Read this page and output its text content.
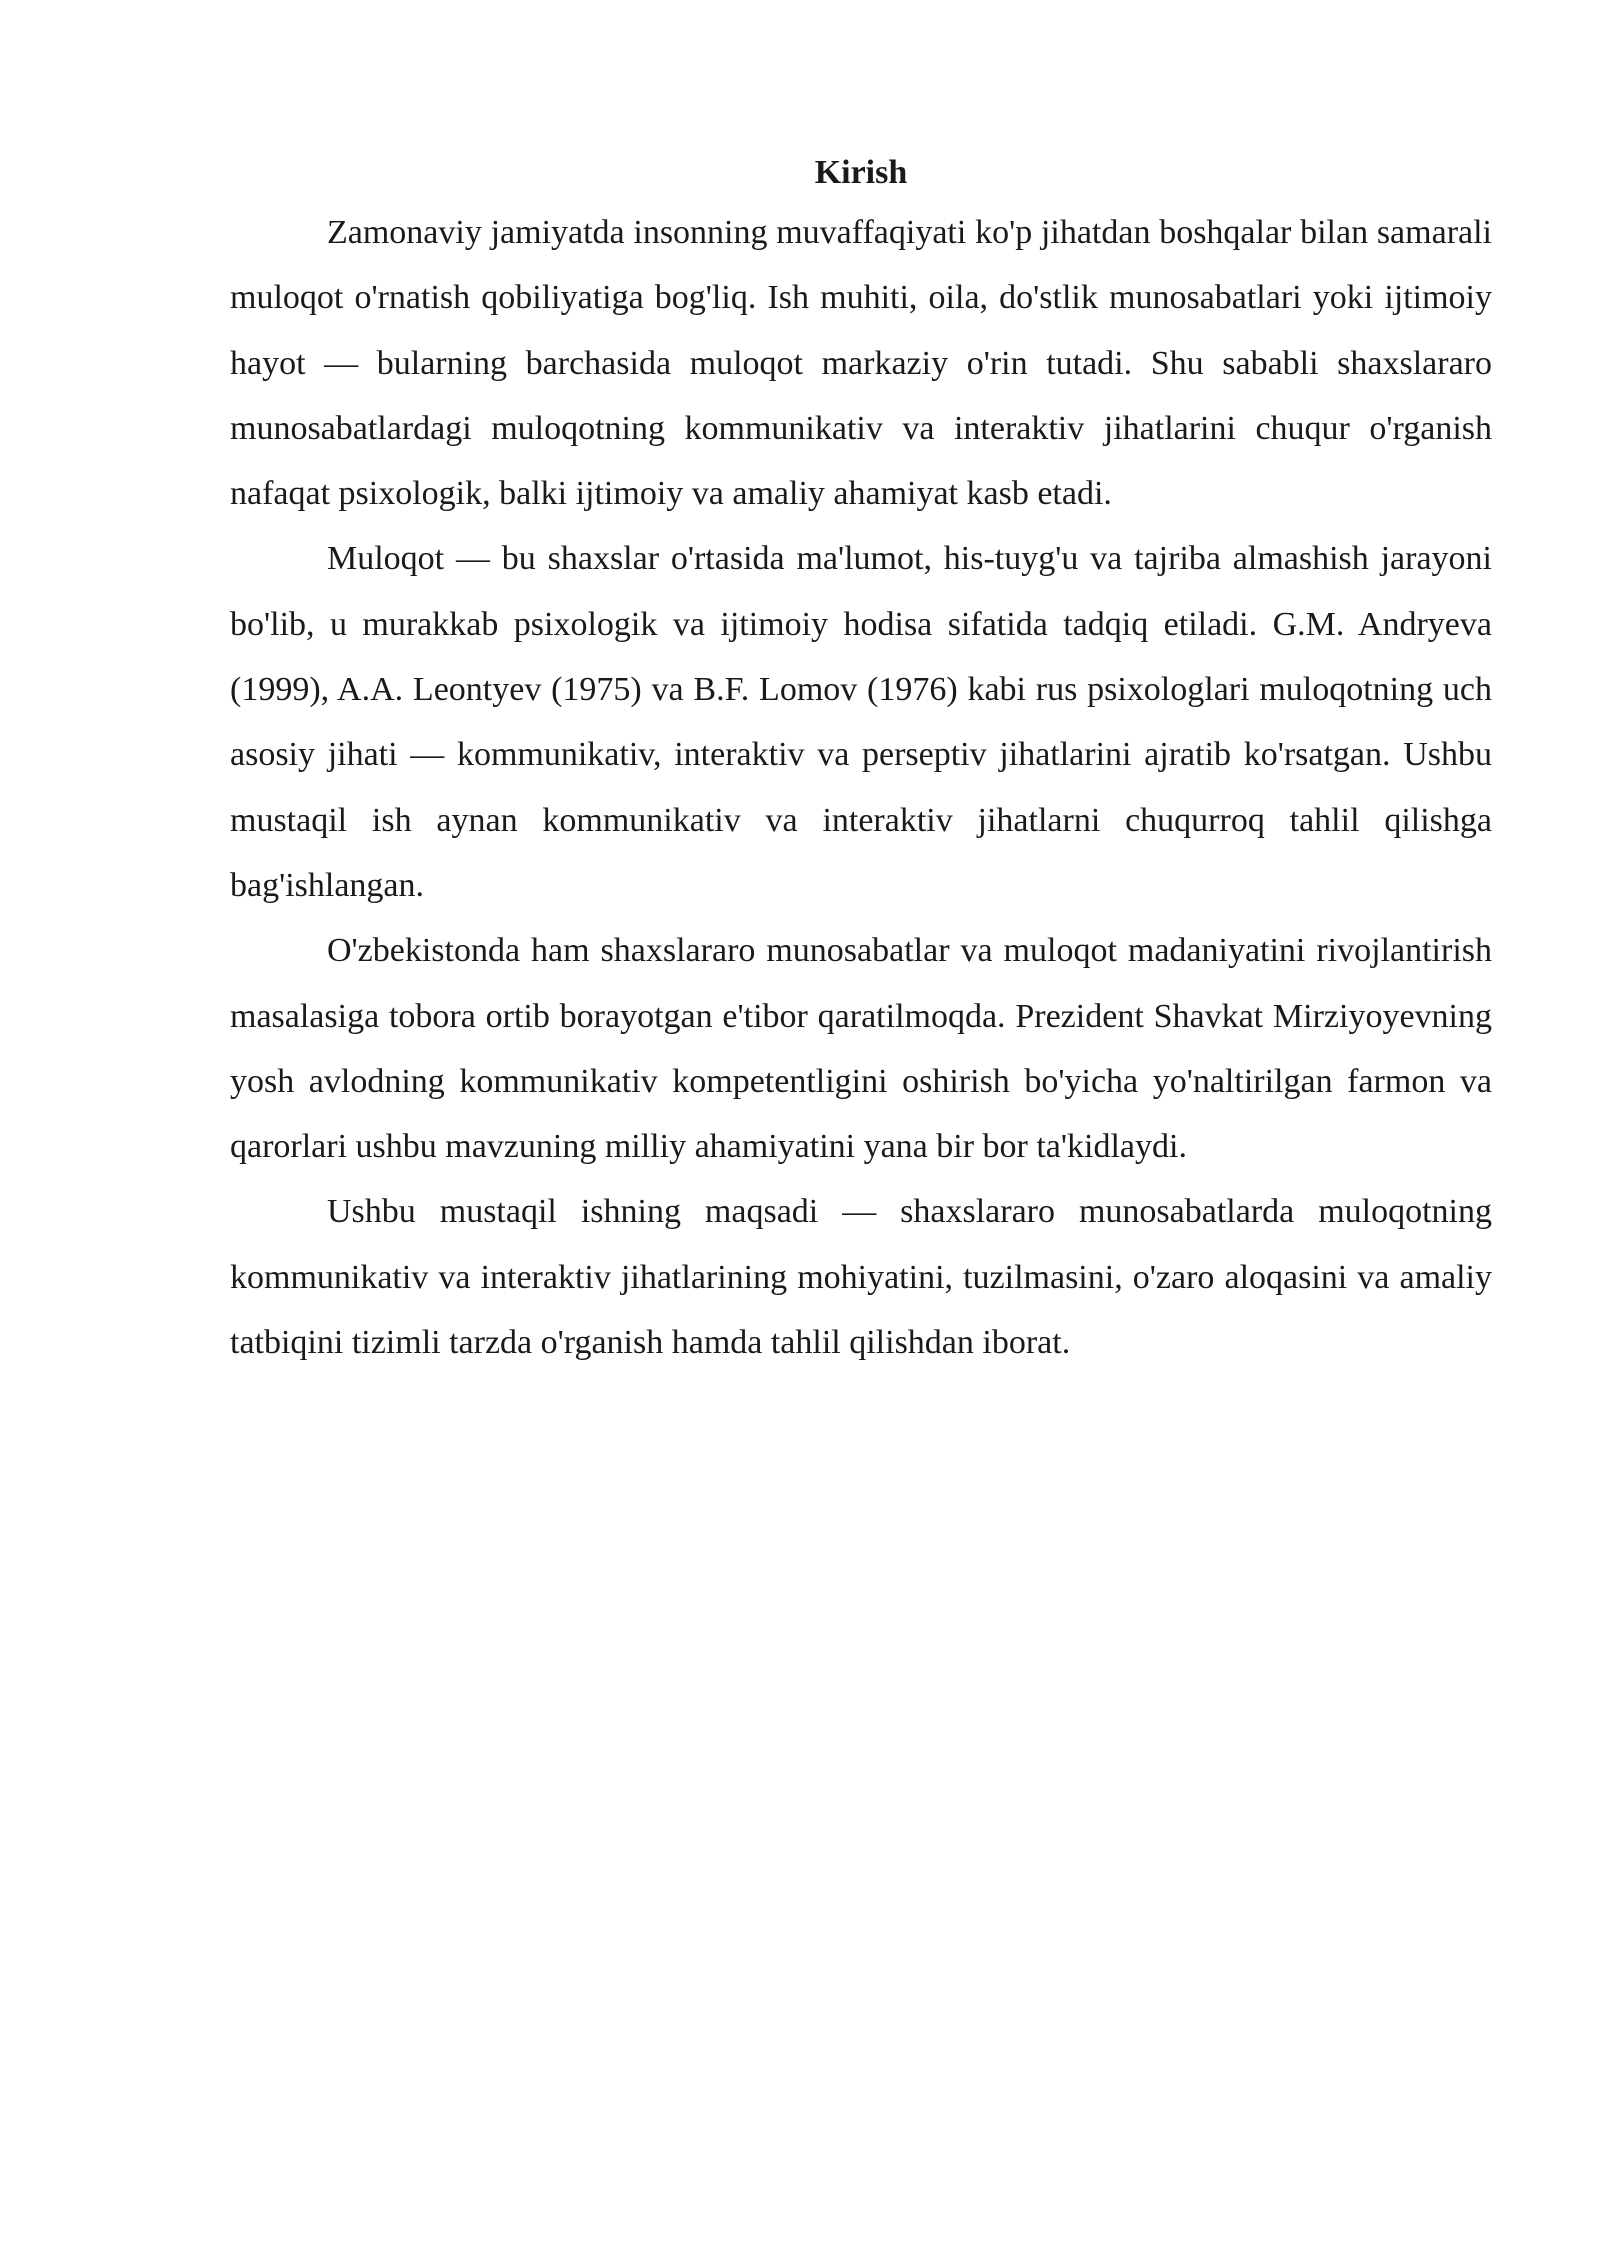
Kirish

Zamonaviy jamiyatda insonning muvaffaqiyati ko'p jihatdan boshqalar bilan samarali muloqot o'rnatish qobiliyatiga bog'liq. Ish muhiti, oila, do'stlik munosabatlari yoki ijtimoiy hayot — bularning barchasida muloqot markaziy o'rin tutadi. Shu sababli shaxslararo munosabatlardagi muloqotning kommunikativ va interaktiv jihatlarini chuqur o'rganish nafaqat psixologik, balki ijtimoiy va amaliy ahamiyat kasb etadi.

Muloqot — bu shaxslar o'rtasida ma'lumot, his-tuyg'u va tajriba almashish jarayoni bo'lib, u murakkab psixologik va ijtimoiy hodisa sifatida tadqiq etiladi. G.M. Andryeva (1999), A.A. Leontyev (1975) va B.F. Lomov (1976) kabi rus psixologlari muloqotning uch asosiy jihati — kommunikativ, interaktiv va perseptiv jihatlarini ajratib ko'rsatgan. Ushbu mustaqil ish aynan kommunikativ va interaktiv jihatlarni chuqurroq tahlil qilishga bag'ishlangan.

O'zbekistonda ham shaxslararo munosabatlar va muloqot madaniyatini rivojlantirish masalasiga tobora ortib borayotgan e'tibor qaratilmoqda. Prezident Shavkat Mirziyoyevning yosh avlodning kommunikativ kompetentligini oshirish bo'yicha yo'naltirilgan farmon va qarorlari ushbu mavzuning milliy ahamiyatini yana bir bor ta'kidlaydi.

Ushbu mustaqil ishning maqsadi — shaxslararo munosabatlarda muloqotning kommunikativ va interaktiv jihatlarining mohiyatini, tuzilmasini, o'zaro aloqasini va amaliy tatbiqini tizimli tarzda o'rganish hamda tahlil qilishdan iborat.
